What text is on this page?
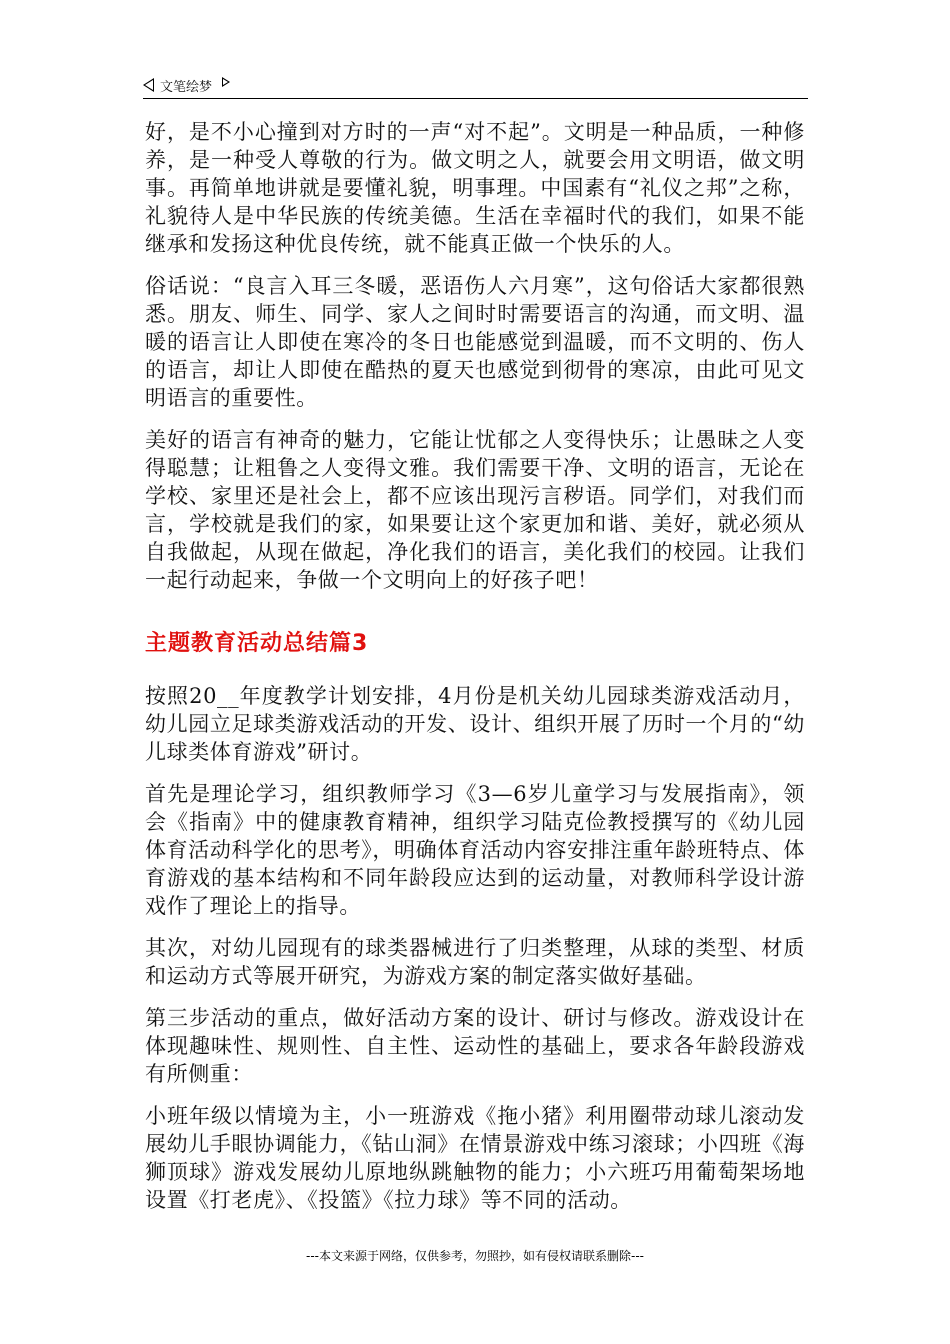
文笔绘梦

好，是不小心撞到对方时的一声“对不起”。文明是一种品质，一种修养，是一种受人尊敬的行为。做文明之人，就要会用文明语，做文明事。再简单地讲就是要懂礼貌，明事理。中国素有“礼仪之邦”之称，礼貌待人是中华民族的传统美德。生活在幸福时代的我们，如果不能继承和发扬这种优良传统，就不能真正做一个快乐的人。

俗话说：“良言入耳三冬暖，恶语伤人六月寒”，这句俗话大家都很熟悉。朋友、师生、同学、家人之间时时需要语言的沟通，而文明、温暖的语言让人即使在寒冷的冬日也能感觉到温暖，而不文明的、伤人的语言，却让人即使在酷热的夏天也感觉到彻骨的寒凉，由此可见文明语言的重要性。

美好的语言有神奇的魅力，它能让忧郁之人变得快乐；让愚昧之人变得聪慧；让粗鲁之人变得文雅。我们需要干净、文明的语言，无论在学校、家里还是社会上，都不应该出现污言秽语。同学们，对我们而言，学校就是我们的家，如果要让这个家更加和谐、美好，就必须从自我做起，从现在做起，净化我们的语言，美化我们的校园。让我们一起行动起来，争做一个文明向上的好孩子吧！

主题教育活动总结篇3

按照20__年度教学计划安排，4月份是机关幼儿园球类游戏活动月，幼儿园立足球类游戏活动的开发、设计、组织开展了历时一个月的“幼儿球类体育游戏”研讨。

首先是理论学习，组织教师学习《3—6岁儿童学习与发展指南》，领会《指南》中的健康教育精神，组织学习陆克俭教授撰写的《幼儿园体育活动科学化的思考》，明确体育活动内容安排注重年龄班特点、体育游戏的基本结构和不同年龄段应达到的运动量，对教师科学设计游戏作了理论上的指导。

其次，对幼儿园现有的球类器械进行了归类整理，从球的类型、材质和运动方式等展开研究，为游戏方案的制定落实做好基础。

第三步活动的重点，做好活动方案的设计、研讨与修改。游戏设计在体现趣味性、规则性、自主性、运动性的基础上，要求各年龄段游戏有所侧重：

小班年级以情境为主，小一班游戏《拖小猪》利用圈带动球儿滚动发展幼儿手眼协调能力，《钻山洞》在情景游戏中练习滚球；小四班《海狮顶球》游戏发展幼儿原地纵跳触物的能力；小六班巧用葡萄架场地设置《打老虎》、《投篮》《拉力球》等不同的活动。

---本文来源于网络，仅供参考，勿照抄，如有侵权请联系删除---
